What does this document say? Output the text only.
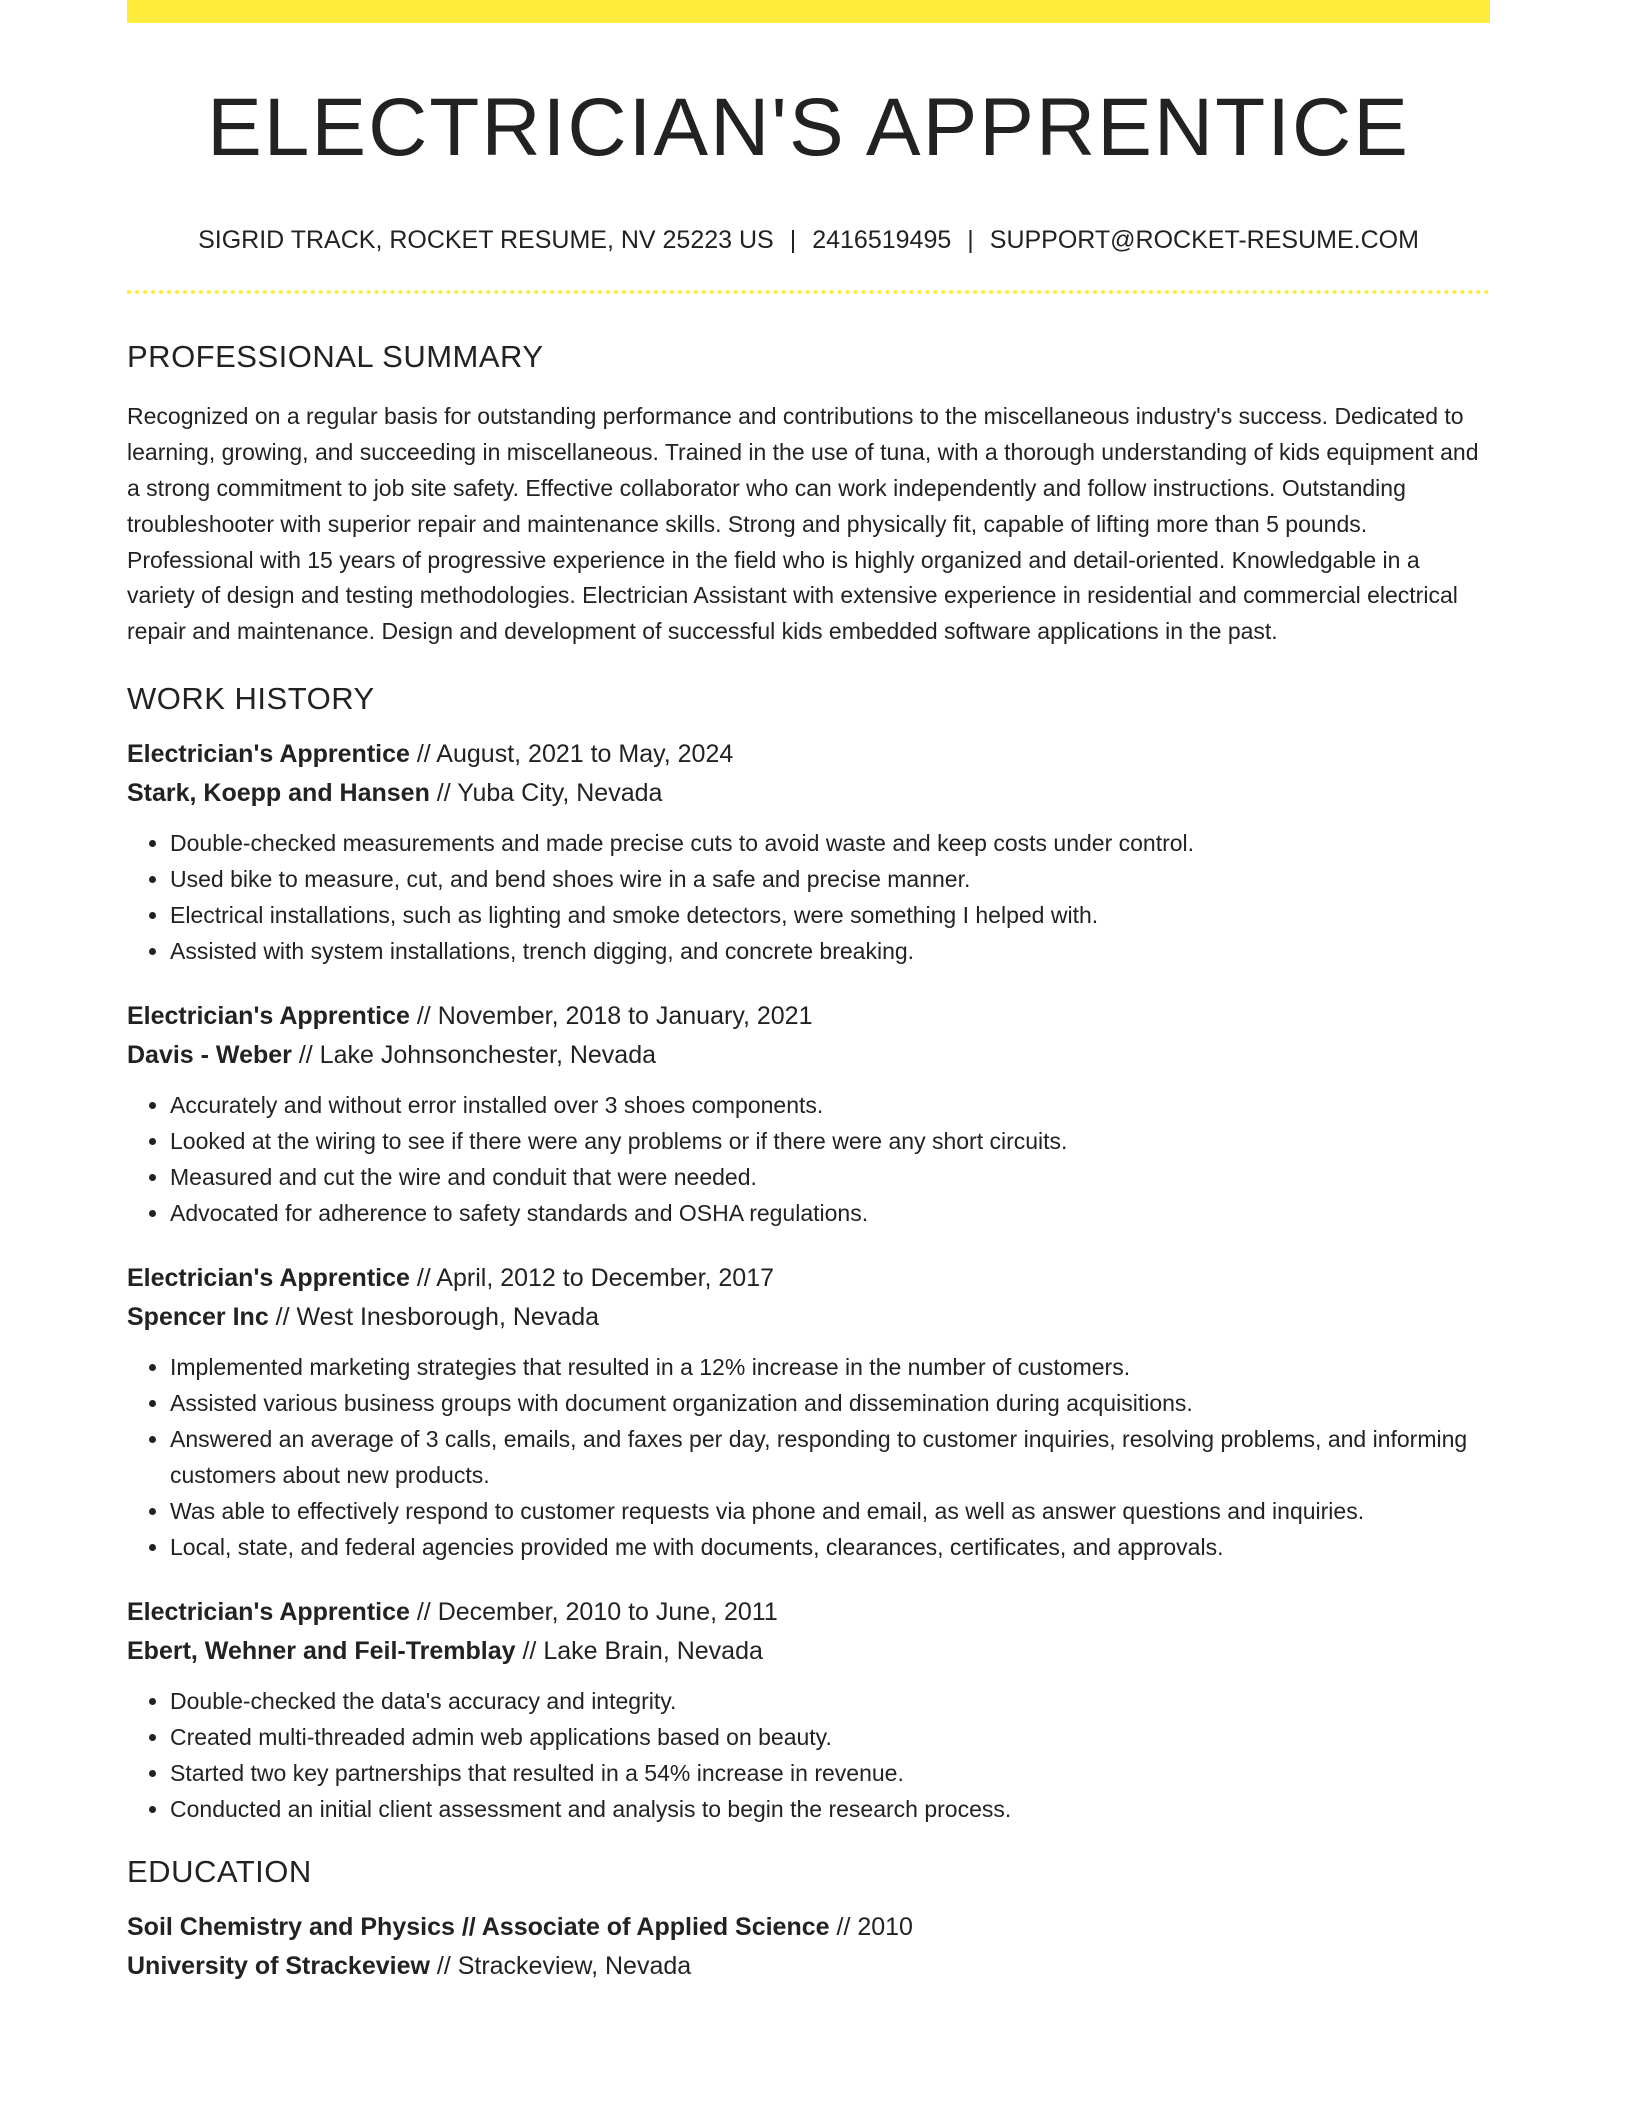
ELECTRICIAN'S APPRENTICE
SIGRID TRACK, ROCKET RESUME, NV 25223 US | 2416519495 | SUPPORT@ROCKET-RESUME.COM
PROFESSIONAL SUMMARY
Recognized on a regular basis for outstanding performance and contributions to the miscellaneous industry's success. Dedicated to learning, growing, and succeeding in miscellaneous. Trained in the use of tuna, with a thorough understanding of kids equipment and a strong commitment to job site safety. Effective collaborator who can work independently and follow instructions. Outstanding troubleshooter with superior repair and maintenance skills. Strong and physically fit, capable of lifting more than 5 pounds. Professional with 15 years of progressive experience in the field who is highly organized and detail-oriented. Knowledgable in a variety of design and testing methodologies. Electrician Assistant with extensive experience in residential and commercial electrical repair and maintenance. Design and development of successful kids embedded software applications in the past.
WORK HISTORY
Electrician's Apprentice // August, 2021 to May, 2024
Stark, Koepp and Hansen // Yuba City, Nevada
• Double-checked measurements and made precise cuts to avoid waste and keep costs under control.
• Used bike to measure, cut, and bend shoes wire in a safe and precise manner.
• Electrical installations, such as lighting and smoke detectors, were something I helped with.
• Assisted with system installations, trench digging, and concrete breaking.
Electrician's Apprentice // November, 2018 to January, 2021
Davis - Weber // Lake Johnsonchester, Nevada
• Accurately and without error installed over 3 shoes components.
• Looked at the wiring to see if there were any problems or if there were any short circuits.
• Measured and cut the wire and conduit that were needed.
• Advocated for adherence to safety standards and OSHA regulations.
Electrician's Apprentice // April, 2012 to December, 2017
Spencer Inc // West Inesborough, Nevada
• Implemented marketing strategies that resulted in a 12% increase in the number of customers.
• Assisted various business groups with document organization and dissemination during acquisitions.
• Answered an average of 3 calls, emails, and faxes per day, responding to customer inquiries, resolving problems, and informing customers about new products.
• Was able to effectively respond to customer requests via phone and email, as well as answer questions and inquiries.
• Local, state, and federal agencies provided me with documents, clearances, certificates, and approvals.
Electrician's Apprentice // December, 2010 to June, 2011
Ebert, Wehner and Feil-Tremblay // Lake Brain, Nevada
• Double-checked the data's accuracy and integrity.
• Created multi-threaded admin web applications based on beauty.
• Started two key partnerships that resulted in a 54% increase in revenue.
• Conducted an initial client assessment and analysis to begin the research process.
EDUCATION
Soil Chemistry and Physics // Associate of Applied Science // 2010
University of Strackeview // Strackeview, Nevada
